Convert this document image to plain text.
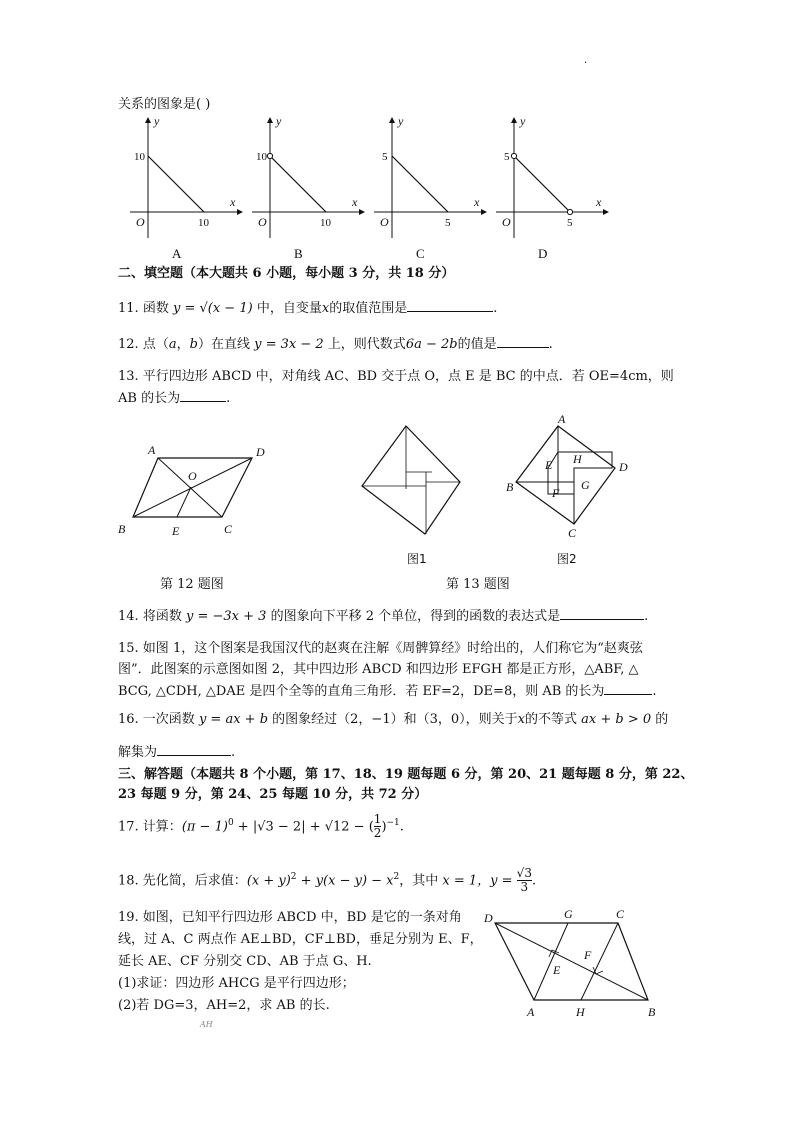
·
关系的图象是( )
y
x
O
10
10
A
y
x
O
10
10
B
y
x
O
5
5
C
y
x
O
5
5
D
二、填空题（本大题共 6 小题，每小题 3 分，共 18 分）
11. 函数 y = √(x − 1) 中，自变量x的取值范围是	.
12. 点（a，b）在直线 y = 3x − 2 上，则代数式6a − 2b的值是	.
13. 平行四边形 ABCD 中，对角线 AC、BD 交于点 O，点 E 是 BC 的中点．若 OE=4cm，则
AB 的长为	.
A	D
O
B	E	C
图1
A
D
E H
B	G
F
C
图2
第 12 题图	第 13 题图
14. 将函数 y = −3x + 3 的图象向下平移 2 个单位，得到的函数的表达式是	.
15. 如图 1，这个图案是我国汉代的赵爽在注解《周髀算经》时给出的，人们称它为“赵爽弦
图”．此图案的示意图如图 2，其中四边形 ABCD 和四边形 EFGH 都是正方形，△ABF, △
BCG, △CDH, △DAE 是四个全等的直角三角形．若 EF=2，DE=8，则 AB 的长为	.
16. 一次函数 y = ax + b 的图象经过（2，−1）和（3，0），则关于x的不等式 ax + b > 0 的
解集为	.
三、解答题（本题共 8 个小题，第 17、18、19 题每题 6 分，第 20、21 题每题 8 分，第 22、
23 每题 9 分，第 24、25 每题 10 分，共 72 分）
17. 计算：$(\pi - 1)^0 + |√3 - 2| + √12$ − ( $\frac{1}{2} )^{-1}$.
18. 先化简，后求值：$(x + y)^2 + y(x - y) - x^2$，其中 x = 1，$y = \frac{√3}{3}$ .
19. 如图，已知平行四边形 ABCD 中，BD 是它的一条对角
线，过 A、C 两点作 AE⊥BD，CF⊥BD，垂足分别为 E、F，
延长 AE、CF 分别交 CD、AB 于点 G、H.
(1)求证：四边形 AHCG 是平行四边形；
(2)若 DG=3，AH=2，求 AB 的长.
D	G	C
F
E
A	H	B
AH
